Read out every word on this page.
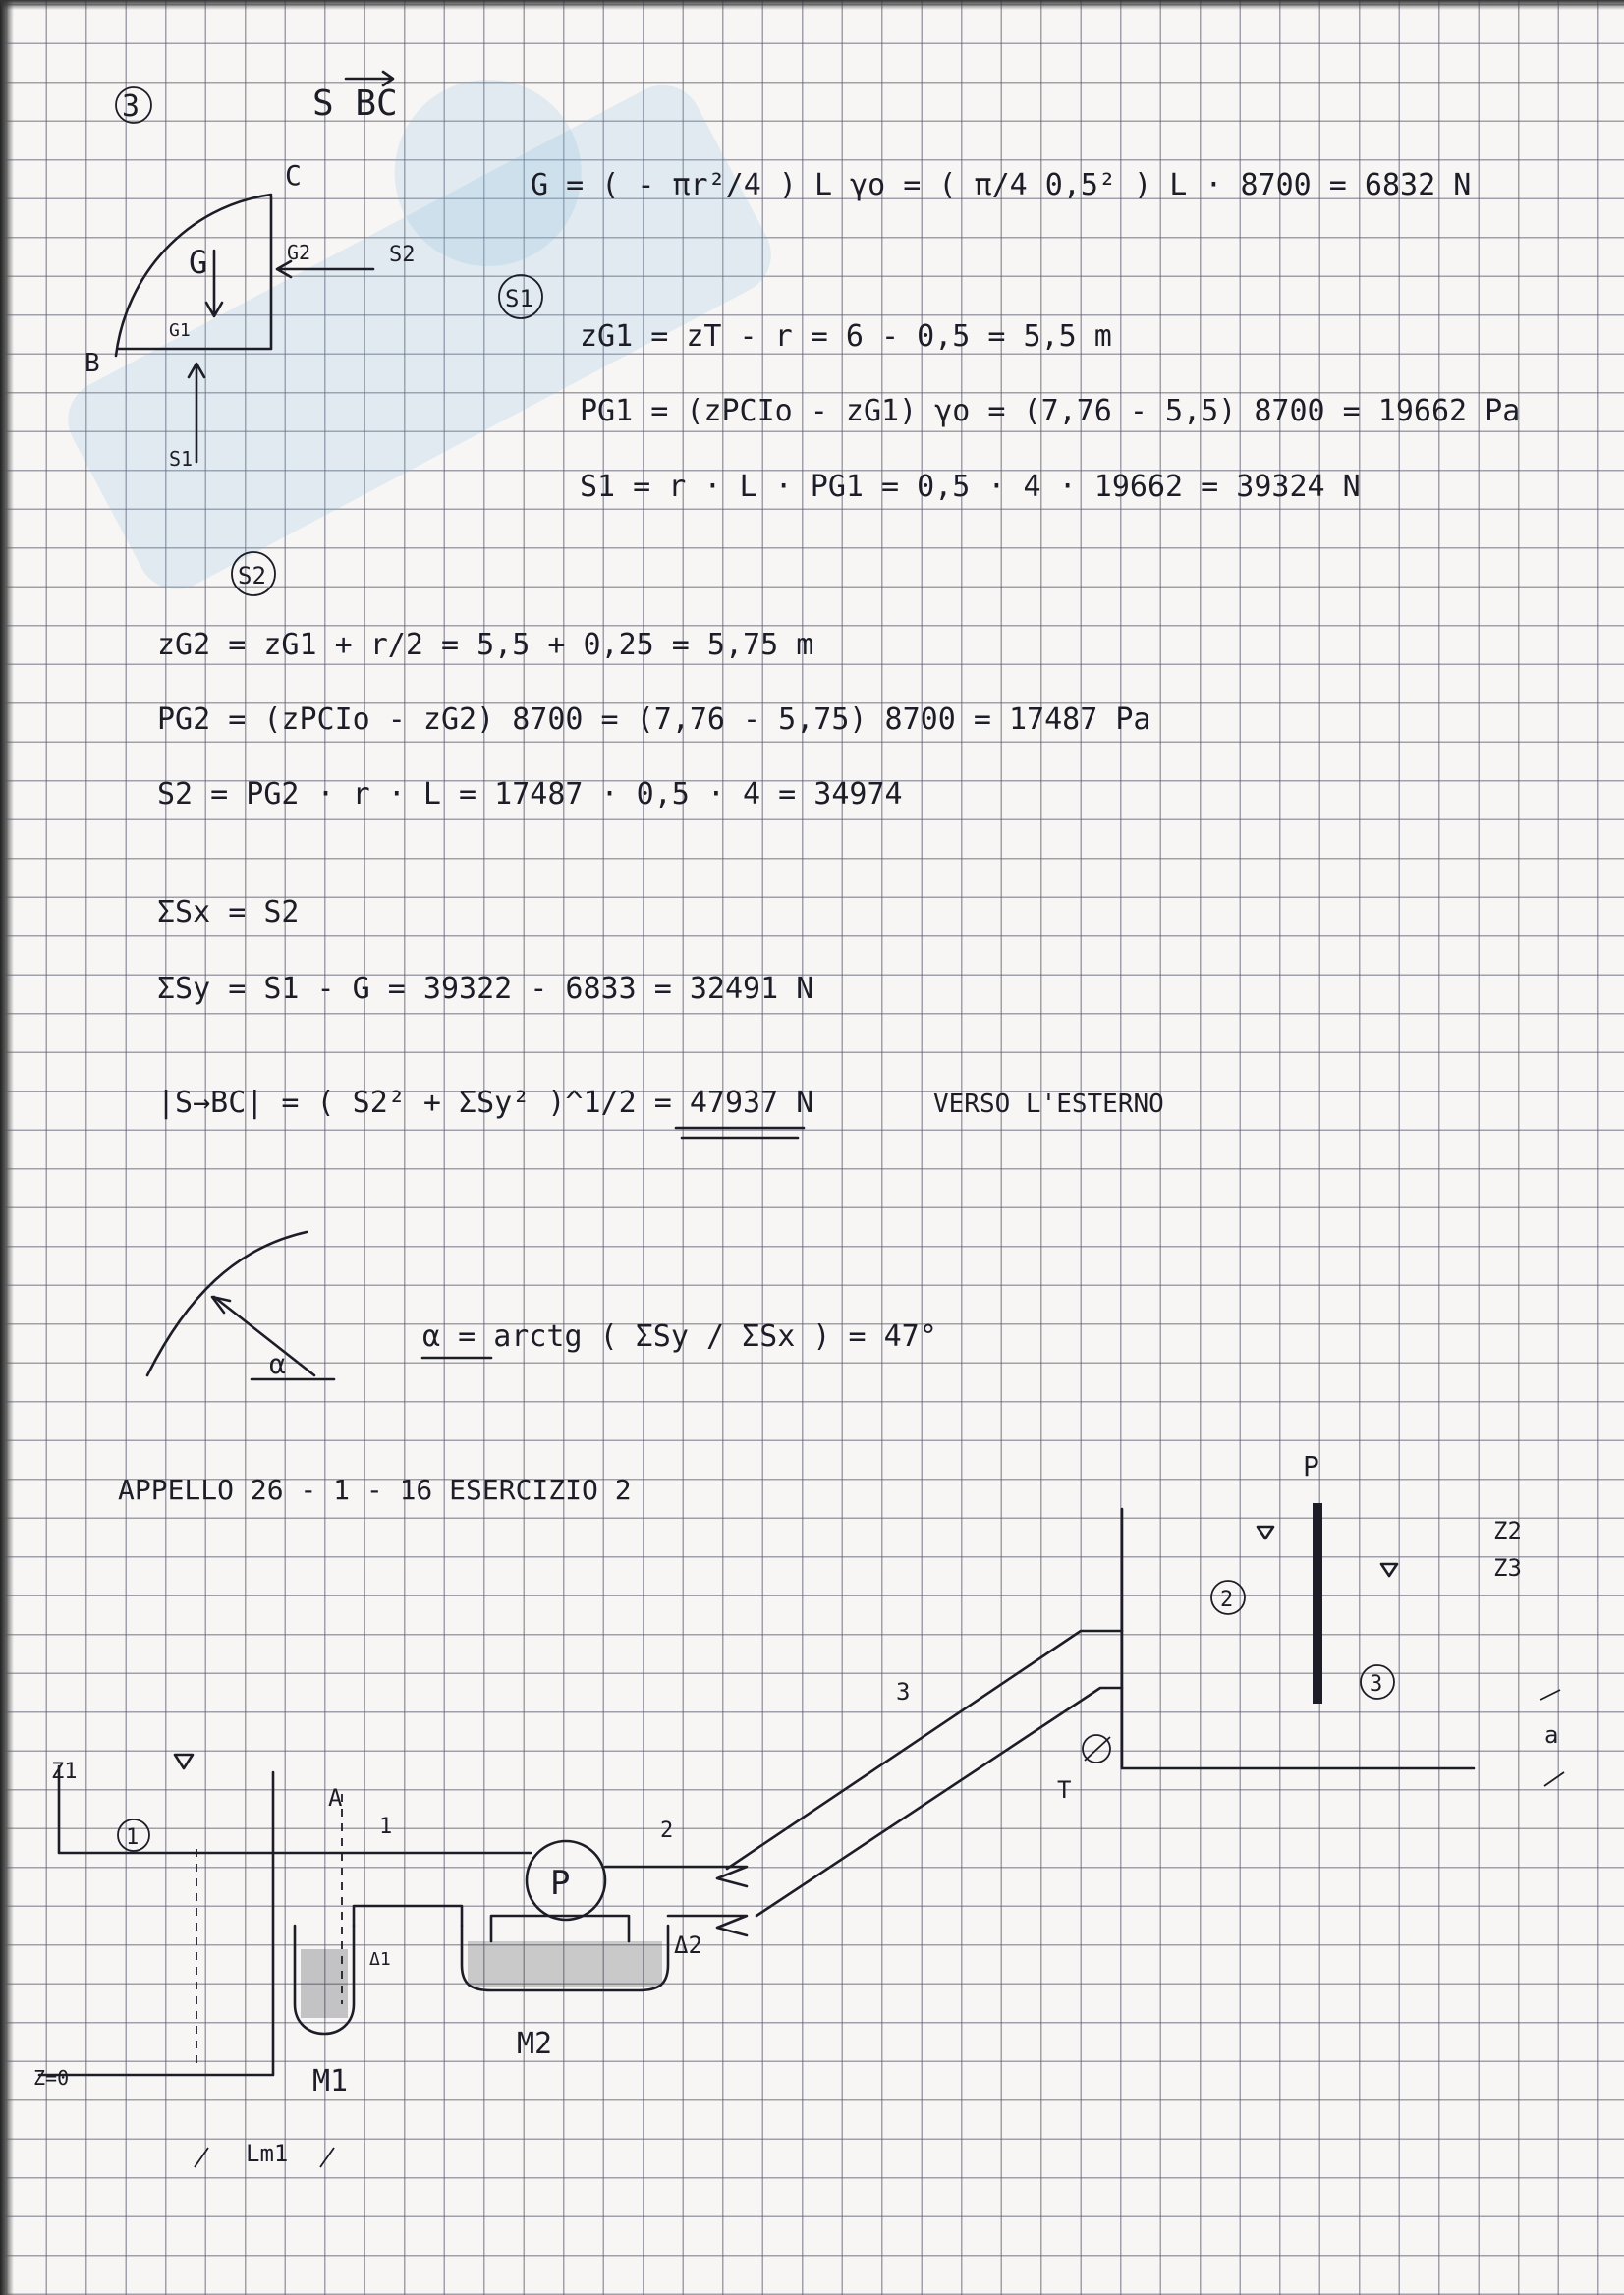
3	S BC
C
B
G
G1
G2	S2
S1
G = ( - πr²/4 ) L γo = ( π/4 0,5² ) L · 8700 = 6832 N
S1
zG1 = zT - r = 6 - 0,5 = 5,5 m
PG1 = (zPCIo - zG1) γo = (7,76 - 5,5) 8700 = 19662 Pa
S1 = r · L · PG1 = 0,5 · 4 · 19662 = 39324 N
S2
zG2 = zG1 + r/2 = 5,5 + 0,25 = 5,75 m
PG2 = (zPCIo - zG2) 8700 = (7,76 - 5,75) 8700 = 17487 Pa
S2 = PG2 · r · L = 17487 · 0,5 · 4 = 34974
ΣSx = S2
ΣSy = S1 - G = 39322 - 6833 = 32491 N
|S→BC| = ( S2² + ΣSy² )^1/2 = 47937 N	VERSO L'ESTERNO
α
α = arctg ( ΣSy / ΣSx ) = 47°
APPELLO 26 - 1 - 16 ESERCIZIO 2
Z1
1
A
1
Δ1
M1
Z=0
P
M2
Δ2
2
3
T
P
2
3
Z2
Z3
a
Lm1
